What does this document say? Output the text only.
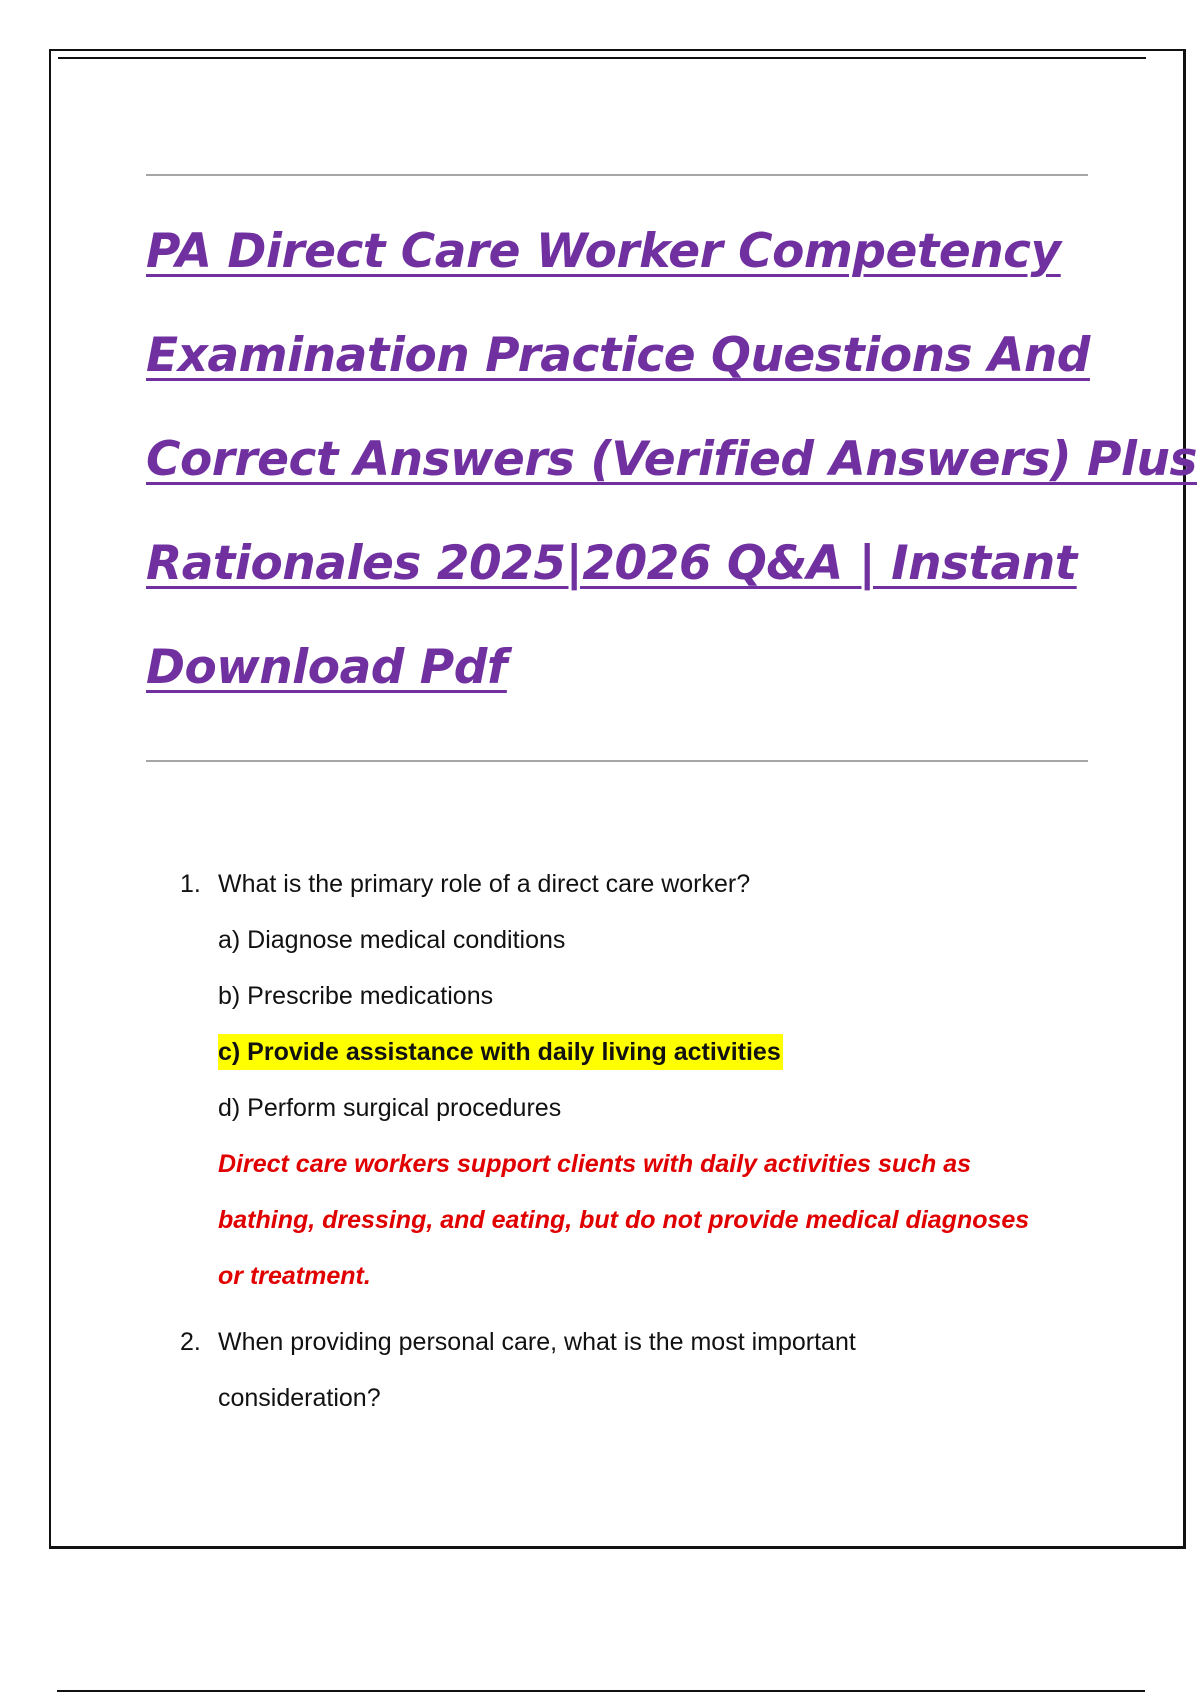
PA Direct Care Worker Competency
Examination Practice Questions And
Correct Answers (Verified Answers) Plus
Rationales 2025|2026 Q&A | Instant
Download Pdf
1. What is the primary role of a direct care worker?
a) Diagnose medical conditions
b) Prescribe medications
c) Provide assistance with daily living activities
d) Perform surgical procedures
Direct care workers support clients with daily activities such as
bathing, dressing, and eating, but do not provide medical diagnoses
or treatment.
2. When providing personal care, what is the most important
consideration?
